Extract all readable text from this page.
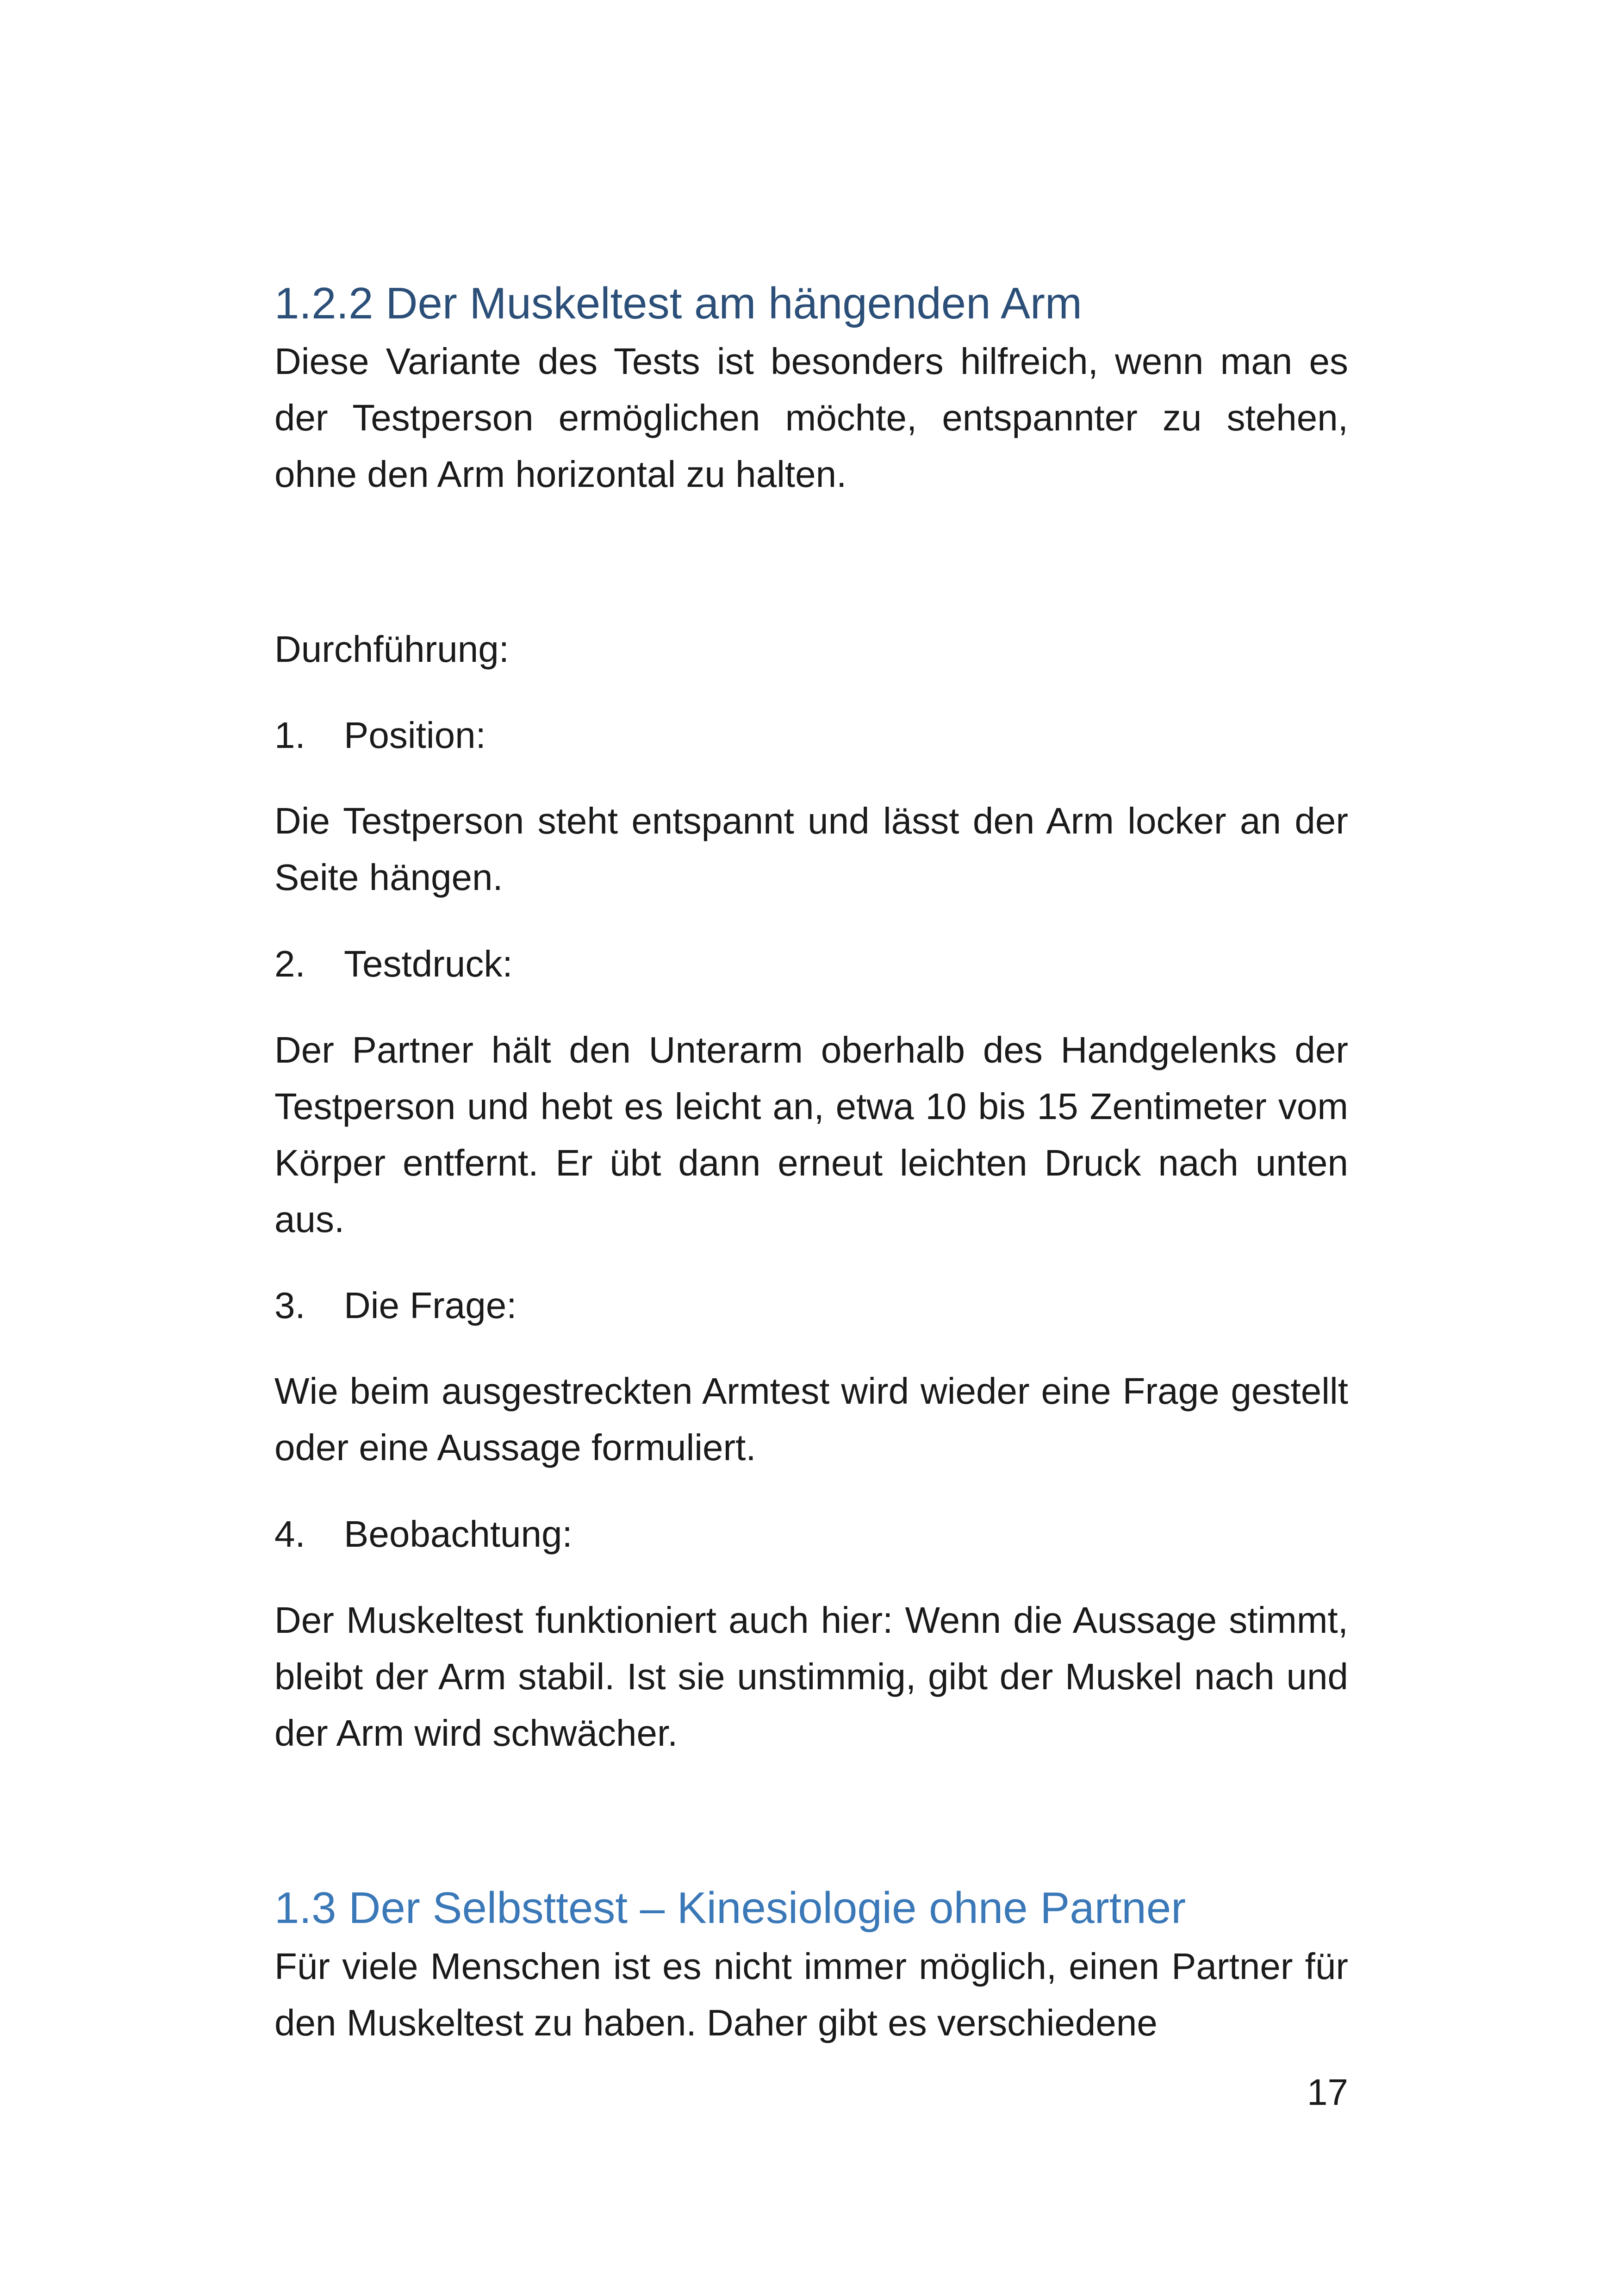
1.2.2 Der Muskeltest am hängenden Arm

Diese Variante des Tests ist besonders hilfreich, wenn man es der Testperson ermöglichen möchte, entspannter zu stehen, ohne den Arm horizontal zu halten.

Durchführung:

1. Position:

Die Testperson steht entspannt und lässt den Arm locker an der Seite hängen.

2. Testdruck:

Der Partner hält den Unterarm oberhalb des Handgelenks der Testperson und hebt es leicht an, etwa 10 bis 15 Zentimeter vom Körper entfernt. Er übt dann erneut leichten Druck nach unten aus.

3. Die Frage:

Wie beim ausgestreckten Armtest wird wieder eine Frage gestellt oder eine Aussage formuliert.

4. Beobachtung:

Der Muskeltest funktioniert auch hier: Wenn die Aussage stimmt, bleibt der Arm stabil. Ist sie unstimmig, gibt der Muskel nach und der Arm wird schwächer.

1.3 Der Selbsttest – Kinesiologie ohne Partner

Für viele Menschen ist es nicht immer möglich, einen Partner für den Muskeltest zu haben. Daher gibt es verschiedene

17
